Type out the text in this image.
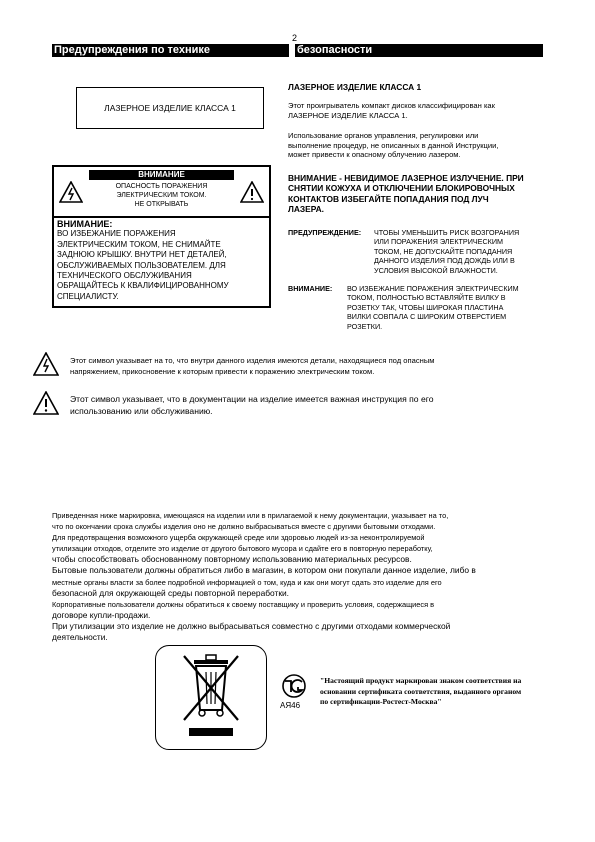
2
Предупреждения по технике	безопасности
ЛАЗЕРНОЕ ИЗДЕЛИЕ КЛАССА 1
ВНИМАНИЕ
ОПАСНОСТЬ ПОРАЖЕНИЯ
ЭЛЕКТРИЧЕСКИМ ТОКОМ.
НЕ ОТКРЫВАТЬ
ВНИМАНИЕ:
ВО ИЗБЕЖАНИЕ ПОРАЖЕНИЯ
ЭЛЕКТРИЧЕСКИМ ТОКОМ, НЕ СНИМАЙТЕ
ЗАДНЮЮ КРЫШКУ. ВНУТРИ НЕТ ДЕТАЛЕЙ,
ОБСЛУЖИВАЕМЫХ ПОЛЬЗОВАТЕЛЕМ. ДЛЯ
ТЕХНИЧЕСКОГО ОБСЛУЖИВАНИЯ
ОБРАЩАЙТЕСЬ К КВАЛИФИЦИРОВАННОМУ
СПЕЦИАЛИСТУ.
ЛАЗЕРНОЕ ИЗДЕЛИЕ КЛАССА 1
Этот проигрыватель компакт дисков классифицирован как
ЛАЗЕРНОЕ ИЗДЕЛИЕ КЛАССА 1.
Использование органов управления, регулировки или
выполнение процедур, не описанных в данной Инструкции,
может привести к опасному облучению лазером.
ВНИМАНИЕ - НЕВИДИМОЕ ЛАЗЕРНОЕ ИЗЛУЧЕНИЕ. ПРИ
СНЯТИИ КОЖУХА И ОТКЛЮЧЕНИИ БЛОКИРОВОЧНЫХ
КОНТАКТОВ ИЗБЕГАЙТЕ ПОПАДАНИЯ ПОД ЛУЧ
ЛАЗЕРА.
ПРЕДУПРЕЖДЕНИЕ: ЧТОБЫ УМЕНЬШИТЬ РИСК ВОЗГОРАНИЯ
ИЛИ ПОРАЖЕНИЯ ЭЛЕКТРИЧЕСКИМ
ТОКОМ, НЕ ДОПУСКАЙТЕ ПОПАДАНИЯ
ДАННОГО ИЗДЕЛИЯ ПОД ДОЖДЬ ИЛИ В
УСЛОВИЯ ВЫСОКОЙ ВЛАЖНОСТИ.
ВНИМАНИЕ: ВО ИЗБЕЖАНИЕ ПОРАЖЕНИЯ ЭЛЕКТРИЧЕСКИМ
ТОКОМ, ПОЛНОСТЬЮ ВСТАВЛЯЙТЕ ВИЛКУ В
РОЗЕТКУ ТАК, ЧТОБЫ ШИРОКАЯ ПЛАСТИНА
ВИЛКИ СОВПАЛА С ШИРОКИМ ОТВЕРСТИЕМ
РОЗЕТКИ.
Этот символ указывает на то, что внутри данного изделия имеются детали, находящиеся под опасным
напряжением, прикосновение к которым привести к поражению электрическим током.
Этот символ указывает, что в документации на изделие имеется важная инструкция по его
использованию или обслуживанию.
Приведенная ниже маркировка, имеющаяся на изделии или в прилагаемой к нему документации, указывает на то,
что по окончании срока службы изделия оно не должно выбрасываться вместе с другими бытовыми отходами.
Для предотвращения возможного ущерба окружающей среде или здоровью людей из-за неконтролируемой
утилизации отходов, отделите это изделие от другого бытового мусора и сдайте его в повторную переработку,
чтобы способствовать обоснованному повторному использованию материальных ресурсов.
Бытовые пользователи должны обратиться либо в магазин, в котором они покупали данное изделие, либо в
местные органы власти за более подробной информацией о том, куда и как они могут сдать это изделие для его
безопасной для окружающей среды повторной переработки.
Корпоративные пользователи должны обратиться к своему поставщику и проверить условия, содержащиеся в
договоре купли-продажи.
При утилизации это изделие не должно выбрасываться совместно с другими отходами коммерческой
деятельности.
АЯ46
"Настоящий продукт маркирован знаком соответствия на
основании сертификата соответствия, выданного органом
по сертификации-Ростест-Москва"
